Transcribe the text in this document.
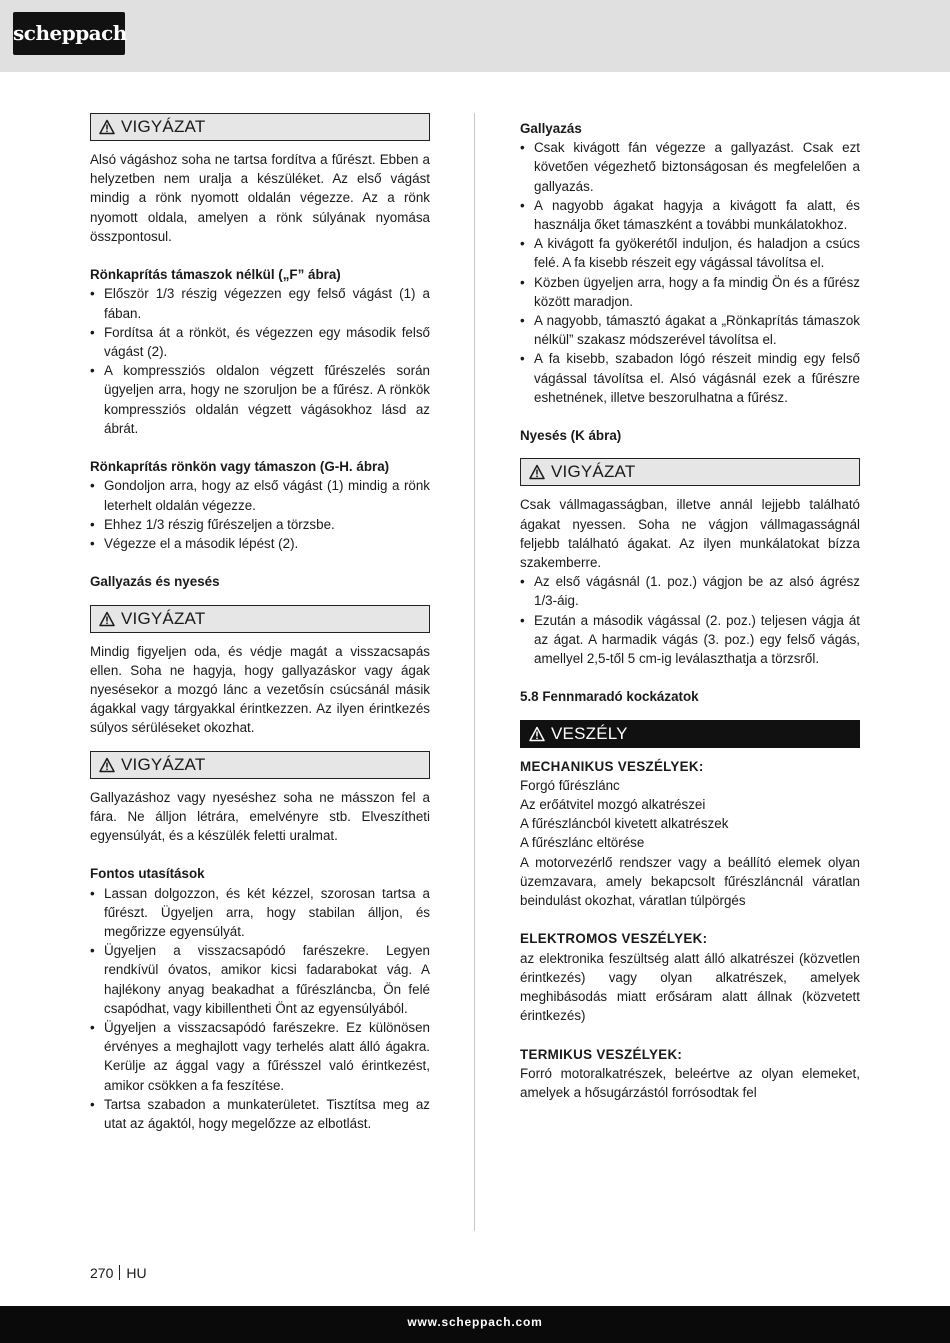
scheppach
VIGYÁZAT

Alsó vágáshoz soha ne tartsa fordítva a fűrészt. Ebben a helyzetben nem uralja a készüléket. Az első vágást mindig a rönk nyomott oldalán végezze. Az a rönk nyomott oldala, amelyen a rönk súlyának nyomása összpontosul.

Rönkaprítás támaszok nélkül („F” ábra)

• Először 1/3 részig végezzen egy felső vágást (1) a fában.
• Fordítsa át a rönköt, és végezzen egy második felső vágást (2).
• A kompressziós oldalon végzett fűrészelés során ügyeljen arra, hogy ne szoruljon be a fűrész. A rönkök kompressziós oldalán végzett vágásokhoz lásd az ábrát.

Rönkaprítás rönkön vagy támaszon (G-H. ábra)

• Gondoljon arra, hogy az első vágást (1) mindig a rönk leterhelt oldalán végezze.
• Ehhez 1/3 részig fűrészeljen a törzsbe.
• Végezze el a második lépést (2).

Gallyazás és nyesés

VIGYÁZAT

Mindig figyeljen oda, és védje magát a visszacsapás ellen. Soha ne hagyja, hogy gallyazáskor vagy ágak nyesésekor a mozgó lánc a vezetősín csúcsánál másik ágakkal vagy tárgyakkal érintkezzen. Az ilyen érintkezés súlyos sérüléseket okozhat.

VIGYÁZAT

Gallyazáshoz vagy nyeséshez soha ne másszon fel a fára. Ne álljon létrára, emelvényre stb. Elveszítheti egyensúlyát, és a készülék feletti uralmat.

Fontos utasítások

• Lassan dolgozzon, és két kézzel, szorosan tartsa a fűrészt. Ügyeljen arra, hogy stabilan álljon, és megőrizze egyensúlyát.
• Ügyeljen a visszacsapódó farészekre. Legyen rendkívül óvatos, amikor kicsi fadarabokat vág. A hajlékony anyag beakadhat a fűrészláncba, Ön felé csapódhat, vagy kibillentheti Önt az egyensúlyából.
• Ügyeljen a visszacsapódó farészekre. Ez különösen érvényes a meghajlott vagy terhelés alatt álló ágakra. Kerülje az ággal vagy a fűrésszel való érintkezést, amikor csökken a fa feszítése.
• Tartsa szabadon a munkaterületet. Tisztítsa meg az utat az ágaktól, hogy megelőzze az elbotlást.

Gallyazás

• Csak kivágott fán végezze a gallyazást. Csak ezt követően végezhető biztonságosan és megfelelően a gallyazás.
• A nagyobb ágakat hagyja a kivágott fa alatt, és használja őket támaszként a további munkálatokhoz.
• A kivágott fa gyökerétől induljon, és haladjon a csúcs felé. A fa kisebb részeit egy vágással távolítsa el.
• Közben ügyeljen arra, hogy a fa mindig Ön és a fűrész között maradjon.
• A nagyobb, támasztó ágakat a „Rönkaprítás támaszok nélkül” szakasz módszerével távolítsa el.
• A fa kisebb, szabadon lógó részeit mindig egy felső vágással távolítsa el. Alsó vágásnál ezek a fűrészre eshetnének, illetve beszorulhatna a fűrész.

Nyesés (K ábra)

VIGYÁZAT

Csak vállmagasságban, illetve annál lejjebb található ágakat nyessen. Soha ne vágjon vállmagasságnál feljebb található ágakat. Az ilyen munkálatokat bízza szakemberre.

• Az első vágásnál (1. poz.) vágjon be az alsó ágrész 1/3-áig.
• Ezután a második vágással (2. poz.) teljesen vágja át az ágat. A harmadik vágás (3. poz.) egy felső vágás, amellyel 2,5-től 5 cm-ig leválaszthatja a törzsről.

5.8 Fennmaradó kockázatok

VESZÉLY

MECHANIKUS VESZÉLYEK:

Forgó fűrészlánc

Az erőátvitel mozgó alkatrészei

A fűrészláncból kivetett alkatrészek

A fűrészlánc eltörése

A motorvezérlő rendszer vagy a beállító elemek olyan üzemzavara, amely bekapcsolt fűrészláncnál váratlan beindulást okozhat, váratlan túlpörgés

ELEKTROMOS VESZÉLYEK:

az elektronika feszültség alatt álló alkatrészei (közvetlen érintkezés) vagy olyan alkatrészek, amelyek meghibásodás miatt erősáram alatt állnak (közvetett érintkezés)

TERMIKUS VESZÉLYEK:

Forró motoralkatrészek, beleértve az olyan elemeket, amelyek a hősugárzástól forrósodtak fel

270 HU
www.scheppach.com
